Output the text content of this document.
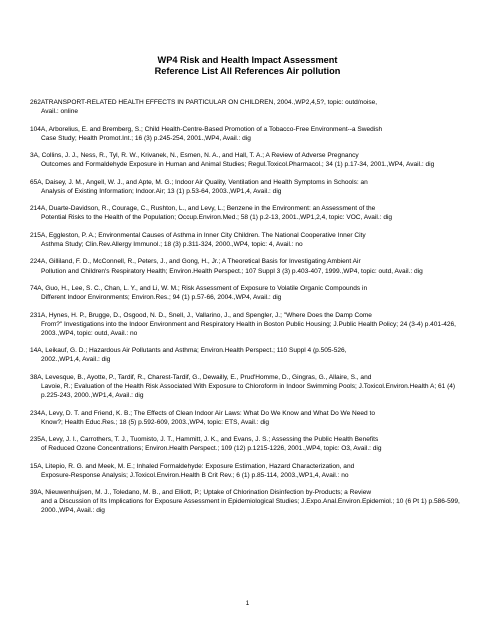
WP4 Risk and Health Impact Assessment

Reference List All References Air pollution

262ATRANSPORT-RELATED HEALTH EFFECTS IN PARTICULAR ON CHILDREN, 2004.,WP2,4,5?, topic: outd/noise,
Avail.: online

104A, Arborelius, E. and Bremberg, S.; Child Health-Centre-Based Promotion of a Tobacco-Free Environment--a Swedish
Case Study; Health Promot.Int.; 16 (3) p.245-254, 2001.,WP4, Avail.: dig

3A, Collins, J. J., Ness, R., Tyl, R. W., Krivanek, N., Esmen, N. A., and Hall, T. A.; A Review of Adverse Pregnancy
Outcomes and Formaldehyde Exposure in Human and Animal Studies; Regul.Toxicol.Pharmacol.; 34 (1) p.17-34, 2001.,WP4, Avail.: dig

65A, Daisey, J. M., Angell, W. J., and Apte, M. G.; Indoor Air Quality, Ventilation and Health Symptoms in Schools: an
Analysis of Existing Information; Indoor.Air; 13 (1) p.53-64, 2003.,WP1,4, Avail.: dig

214A, Duarte-Davidson, R., Courage, C., Rushton, L., and Levy, L.; Benzene in the Environment: an Assessment of the
Potential Risks to the Health of the Population; Occup.Environ.Med.; 58 (1) p.2-13, 2001.,WP1,2,4, topic: VOC, Avail.: dig

215A, Eggleston, P. A.; Environmental Causes of Asthma in Inner City Children. The National Cooperative Inner City
Asthma Study; Clin.Rev.Allergy Immunol.; 18 (3) p.311-324, 2000.,WP4, topic: 4, Avail.: no

224A, Gilliland, F. D., McConnell, R., Peters, J., and Gong, H., Jr.; A Theoretical Basis for Investigating Ambient Air
Pollution and Children's Respiratory Health; Environ.Health Perspect.; 107 Suppl 3 (3) p.403-407, 1999.,WP4, topic: outd, Avail.: dig

74A, Guo, H., Lee, S. C., Chan, L. Y., and Li, W. M.; Risk Assessment of Exposure to Volatile Organic Compounds in
Different Indoor Environments; Environ.Res.; 94 (1) p.57-66, 2004.,WP4, Avail.: dig

231A, Hynes, H. P., Brugge, D., Osgood, N. D., Snell, J., Vallarino, J., and Spengler, J.; "Where Does the Damp Come
From?" Investigations into the Indoor Environment and Respiratory Health in Boston Public Housing; J.Public Health Policy; 24 (3-4) p.401-426, 2003.,WP4, topic: outd, Avail.: no

14A, Leikauf, G. D.; Hazardous Air Pollutants and Asthma; Environ.Health Perspect.; 110 Suppl 4 (p.505-526,
2002.,WP1,4, Avail.: dig

38A, Levesque, B., Ayotte, P., Tardif, R., Charest-Tardif, G., Dewailly, E., Prud'Homme, D., Gingras, G., Allaire, S., and
Lavoie, R.; Evaluation of the Health Risk Associated With Exposure to Chloroform in Indoor Swimming Pools; J.Toxicol.Environ.Health A; 61 (4) p.225-243, 2000.,WP1,4, Avail.: dig

234A, Levy, D. T. and Friend, K. B.; The Effects of Clean Indoor Air Laws: What Do We Know and What Do We Need to
Know?; Health Educ.Res.; 18 (5) p.592-609, 2003.,WP4, topic: ETS, Avail.: dig

235A, Levy, J. I., Carrothers, T. J., Tuomisto, J. T., Hammitt, J. K., and Evans, J. S.; Assessing the Public Health Benefits
of Reduced Ozone Concentrations; Environ.Health Perspect.; 109 (12) p.1215-1226, 2001.,WP4, topic: O3, Avail.: dig

15A, Litepio, R. G. and Meek, M. E.; Inhaled Formaldehyde: Exposure Estimation, Hazard Characterization, and
Exposure-Response Analysis; J.Toxicol.Environ.Health B Crit Rev.; 6 (1) p.85-114, 2003.,WP1,4, Avail.: no

39A, Nieuwenhuijsen, M. J., Toledano, M. B., and Elliott, P.; Uptake of Chlorination Disinfection by-Products; a Review
and a Discussion of Its Implications for Exposure Assessment in Epidemiological Studies; J.Expo.Anal.Environ.Epidemiol.; 10 (6 Pt 1) p.586-599, 2000.,WP4, Avail.: dig

1
